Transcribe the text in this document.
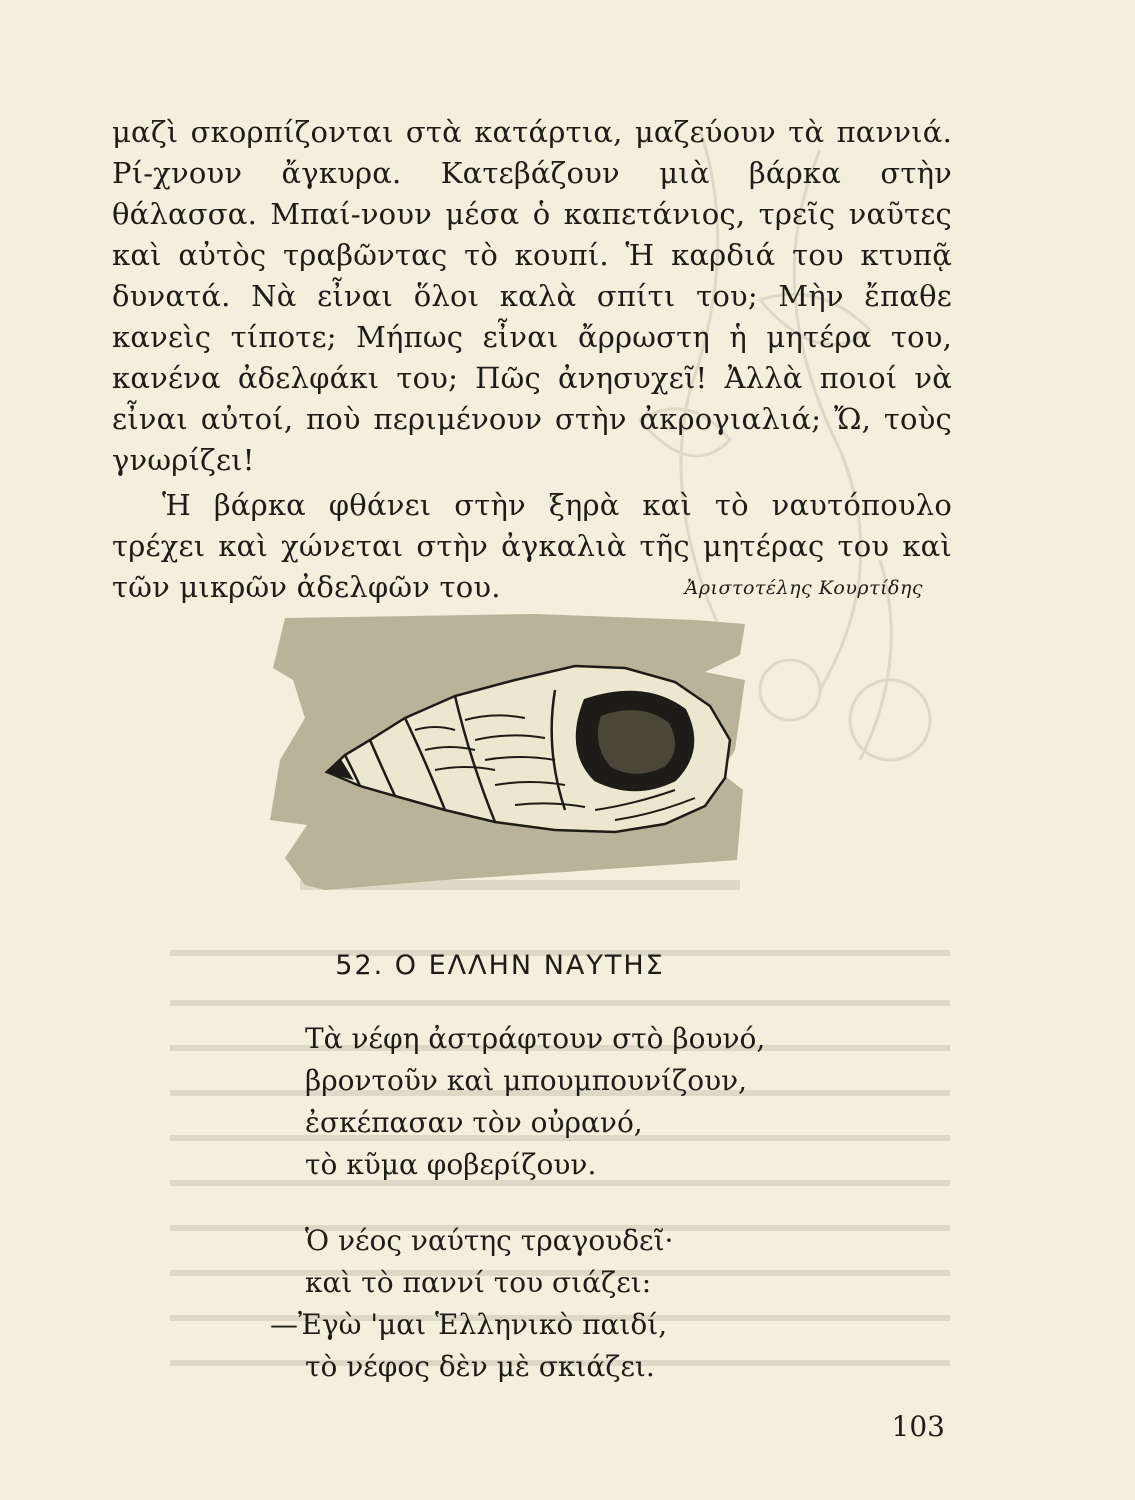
μαζὶ σκορπίζονται στὰ κατάρτια, μαζεύουν τὰ παννιά. Ρί-χνουν ἄγκυρα. Κατεβάζουν μιὰ βάρκα στὴν θάλασσα. Μπαί-νουν μέσα ὁ καπετάνιος, τρεῖς ναῦτες καὶ αὐτὸς τραβῶντας τὸ κουπί. Ἡ καρδιά του κτυπᾷ δυνατά. Νὰ εἶναι ὅλοι καλὰ σπίτι του; Μὴν ἔπαθε κανεὶς τίποτε; Μήπως εἶναι ἄρρωστη ἡ μητέρα του, κανένα ἀδελφάκι του; Πῶς ἀνησυχεῖ! Ἀλλὰ ποιοί νὰ εἶναι αὐτοί, ποὺ περιμένουν στὴν ἀκρογιαλιά; Ὤ, τοὺς γνωρίζει!

Ἡ βάρκα φθάνει στὴν ξηρὰ καὶ τὸ ναυτόπουλο τρέχει καὶ χώνεται στὴν ἀγκαλιὰ τῆς μητέρας του καὶ τῶν μικρῶν ἀδελφῶν του.	Ἀριστοτέλης Κουρτίδης
52. Ο ΕΛΛΗΝ ΝΑΥΤΗΣ
Τὰ νέφη ἀστράφτουν στὸ βουνό,
βροντοῦν καὶ μπουμπουνίζουν,
ἐσκέπασαν τὸν οὐρανό,
τὸ κῦμα φοβερίζουν.
Ὁ νέος ναύτης τραγουδεῖ·
καὶ τὸ παννί του σιάζει:
—Ἐγὼ 'μαι Ἑλληνικὸ παιδί,
τὸ νέφος δὲν μὲ σκιάζει.
103
